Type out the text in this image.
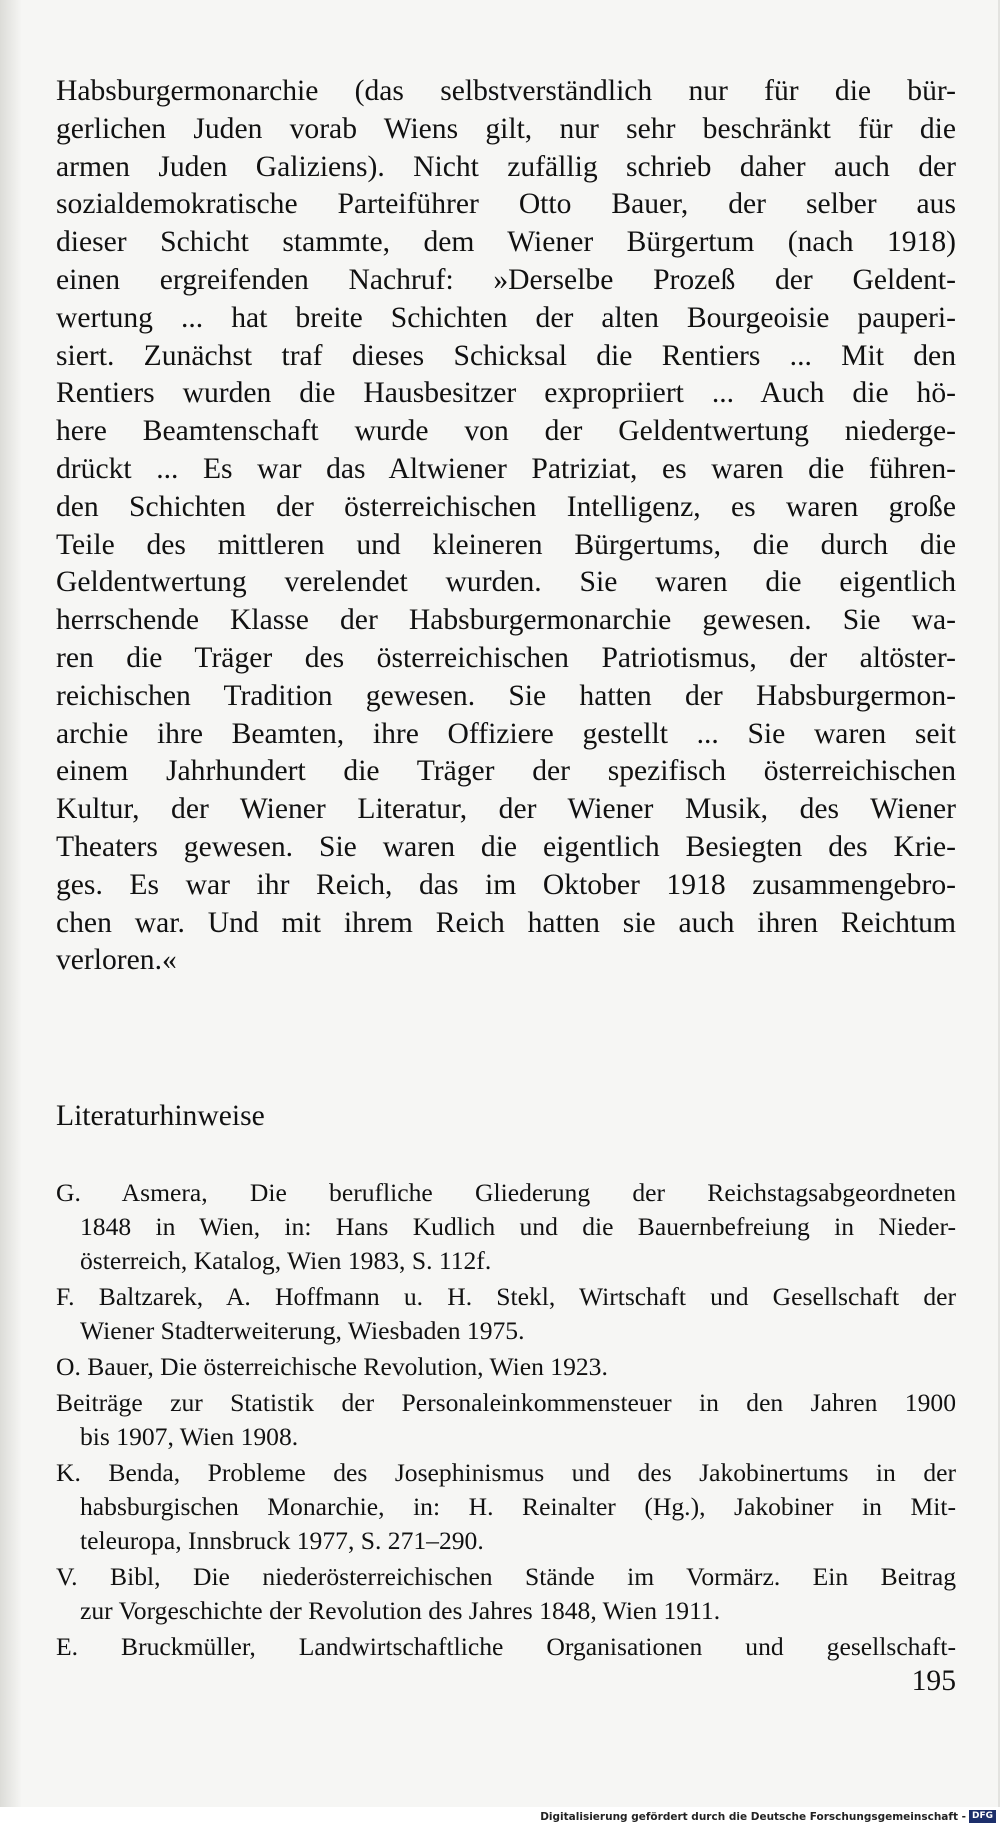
Habsburgermonarchie (das selbstverständlich nur für die bür-
gerlichen Juden vorab Wiens gilt, nur sehr beschränkt für die
armen Juden Galiziens). Nicht zufällig schrieb daher auch der
sozialdemokratische Parteiführer Otto Bauer, der selber aus
dieser Schicht stammte, dem Wiener Bürgertum (nach 1918)
einen ergreifenden Nachruf: »Derselbe Prozeß der Geldent-
wertung ... hat breite Schichten der alten Bourgeoisie pauperi-
siert. Zunächst traf dieses Schicksal die Rentiers ... Mit den
Rentiers wurden die Hausbesitzer expropriiert ... Auch die hö-
here Beamtenschaft wurde von der Geldentwertung niederge-
drückt ... Es war das Altwiener Patriziat, es waren die führen-
den Schichten der österreichischen Intelligenz, es waren große
Teile des mittleren und kleineren Bürgertums, die durch die
Geldentwertung verelendet wurden. Sie waren die eigentlich
herrschende Klasse der Habsburgermonarchie gewesen. Sie wa-
ren die Träger des österreichischen Patriotismus, der altöster-
reichischen Tradition gewesen. Sie hatten der Habsburgermon-
archie ihre Beamten, ihre Offiziere gestellt ... Sie waren seit
einem Jahrhundert die Träger der spezifisch österreichischen
Kultur, der Wiener Literatur, der Wiener Musik, des Wiener
Theaters gewesen. Sie waren die eigentlich Besiegten des Krie-
ges. Es war ihr Reich, das im Oktober 1918 zusammengebro-
chen war. Und mit ihrem Reich hatten sie auch ihren Reichtum
verloren.«
Literaturhinweise
G. Asmera, Die berufliche Gliederung der Reichstagsabgeordneten
1848 in Wien, in: Hans Kudlich und die Bauernbefreiung in Nieder-
österreich, Katalog, Wien 1983, S. 112f.
F. Baltzarek, A. Hoffmann u. H. Stekl, Wirtschaft und Gesellschaft der
Wiener Stadterweiterung, Wiesbaden 1975.
O. Bauer, Die österreichische Revolution, Wien 1923.
Beiträge zur Statistik der Personaleinkommensteuer in den Jahren 1900
bis 1907, Wien 1908.
K. Benda, Probleme des Josephinismus und des Jakobinertums in der
habsburgischen Monarchie, in: H. Reinalter (Hg.), Jakobiner in Mit-
teleuropa, Innsbruck 1977, S. 271–290.
V. Bibl, Die niederösterreichischen Stände im Vormärz. Ein Beitrag
zur Vorgeschichte der Revolution des Jahres 1848, Wien 1911.
E. Bruckmüller, Landwirtschaftliche Organisationen und gesellschaft-
195
Digitalisierung gefördert durch die Deutsche Forschungsgemeinschaft - DFG
